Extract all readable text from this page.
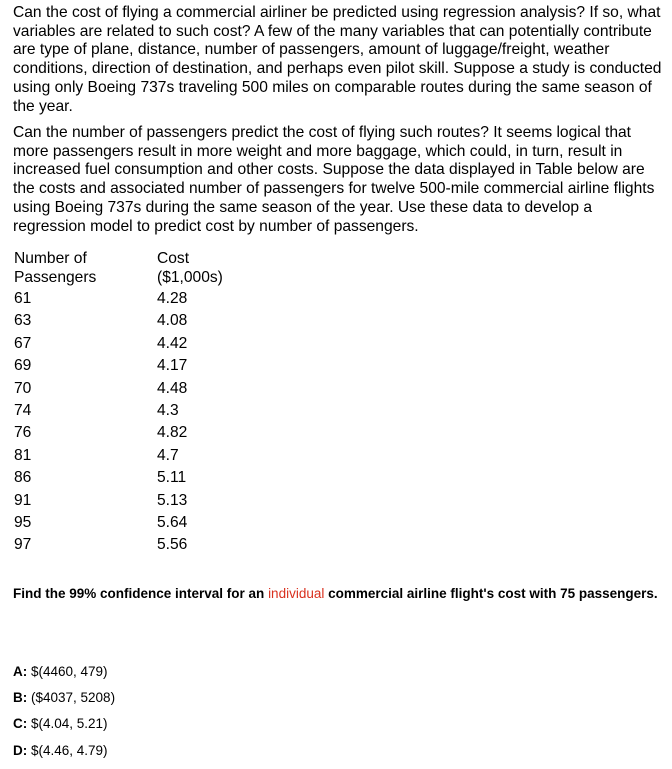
Can the cost of flying a commercial airliner be predicted using regression analysis? If so, what variables are related to such cost? A few of the many variables that can potentially contribute are type of plane, distance, number of passengers, amount of luggage/freight, weather conditions, direction of destination, and perhaps even pilot skill. Suppose a study is conducted using only Boeing 737s traveling 500 miles on comparable routes during the same season of the year.

Can the number of passengers predict the cost of flying such routes? It seems logical that more passengers result in more weight and more baggage, which could, in turn, result in increased fuel consumption and other costs. Suppose the data displayed in Table below are the costs and associated number of passengers for twelve 500-mile commercial airline flights using Boeing 737s during the same season of the year. Use these data to develop a regression model to predict cost by number of passengers.

Number of
Passengers	Cost
($1,000s)
61	4.28
63	4.08
67	4.42
69	4.17
70	4.48
74	4.3
76	4.82
81	4.7
86	5.11
91	5.13
95	5.64
97	5.56

Find the 99% confidence interval for an individual commercial airline flight's cost with 75 passengers.

A: $(4460, 479)
B: ($4037, 5208)
C: $(4.04, 5.21)
D: $(4.46, 4.79)
